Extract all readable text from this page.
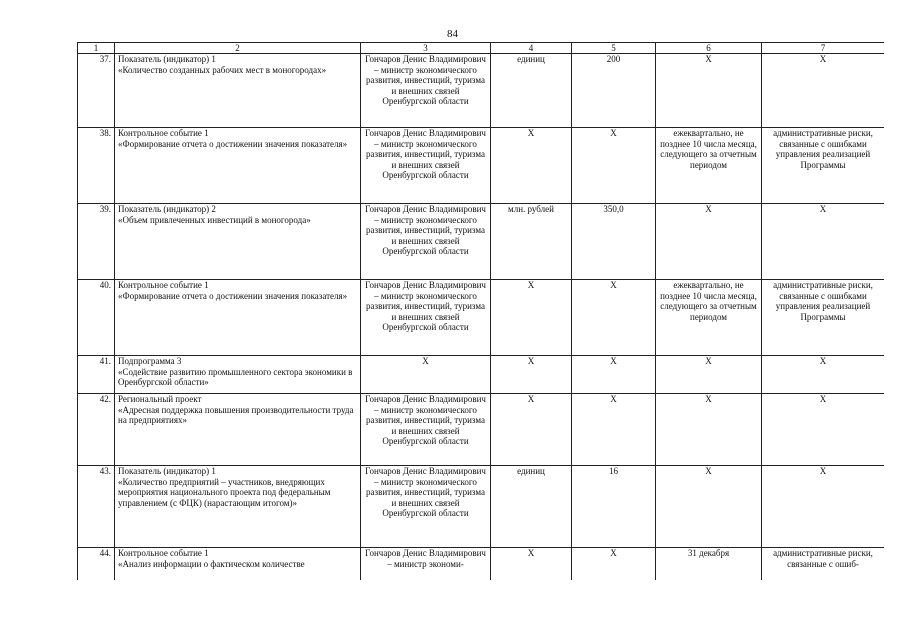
84
1	2	3	4	5	6	7

37.	Показатель (индикатор) 1
«Количество созданных рабочих мест в моногородах»	Гончаров Денис Владимирович – министр экономического развития, инвестиций, туризма и внешних связей Оренбургской области	единиц	200	X	X

38.	Контрольное событие 1
«Формирование отчета о достижении значения показателя»	Гончаров Денис Владимирович – министр экономического развития, инвестиций, туризма и внешних связей Оренбургской области	X	X	ежеквартально, не позднее 10 числа месяца, следующего за отчетным периодом	административные риски, связанные с ошибками управления реализацией Программы

39.	Показатель (индикатор) 2
«Объем привлеченных инвестиций в моногорода»	Гончаров Денис Владимирович – министр экономического развития, инвестиций, туризма и внешних связей Оренбургской области	млн. рублей	350,0	X	X

40.	Контрольное событие 1
«Формирование отчета о достижении значения показателя»	Гончаров Денис Владимирович – министр экономического развития, инвестиций, туризма и внешних связей Оренбургской области	X	X	ежеквартально, не позднее 10 числа месяца, следующего за отчетным периодом	административные риски, связанные с ошибками управления реализацией Программы

41.	Подпрограмма 3
«Содействие развитию промышленного сектора экономики в Оренбургской области»	X	X	X	X	X

42.	Региональный проект
«Адресная поддержка повышения производительности труда на предприятиях»	Гончаров Денис Владимирович – министр экономического развития, инвестиций, туризма и внешних связей Оренбургской области	X	X	X	X

43.	Показатель (индикатор) 1
«Количество предприятий – участников, внедряющих мероприятия национального проекта под федеральным управлением (с ФЦК) (нарастающим итогом)»	Гончаров Денис Владимирович – министр экономического развития, инвестиций, туризма и внешних связей Оренбургской области	единиц	16	X	X

44.	Контрольное событие 1
«Анализ информации о фактическом количестве	Гончаров Денис Владимирович – министр экономи-	X	X	31 декабря	административные риски, связанные с ошиб-
